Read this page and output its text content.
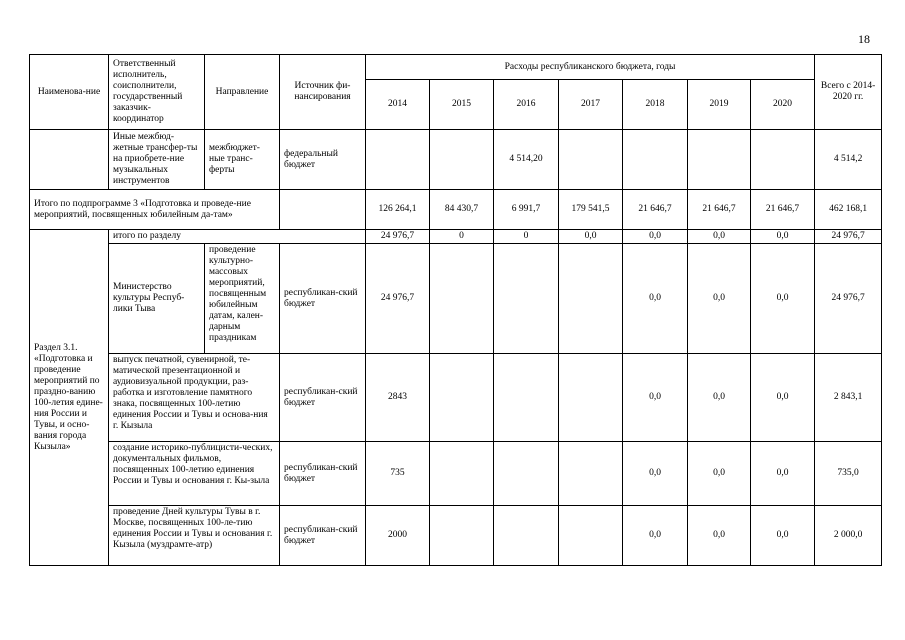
18
Наименова-ние	Ответственный исполнитель, соисполнители, государственный заказчик-координатор	Направление	Источник фи-нансирования	Расходы республиканского бюджета, годы							Всего с 2014-2020 гг.
				2014	2015	2016	2017	2018	2019	2020	
	Иные межбюд-жетные трансфер-ты на приобрете-ние музыкальных инструментов	межбюджет-ные транс-ферты	федеральный бюджет			4 514,20					4 514,2
Итого по подпрограмме 3 «Подготовка и проведе-ние мероприятий, посвященных юбилейным да-там»				126 264,1	84 430,7	6 991,7	179 541,5	21 646,7	21 646,7	21 646,7	462 168,1
Раздел 3.1. «Подготовка и проведение мероприятий по праздно-ванию 100-летия едине-ния России и Тувы, и осно-вания города Кызыла»	итого по разделу			24 976,7	0	0	0,0	0,0	0,0	0,0	24 976,7
	Министерство культуры Респуб-лики Тыва	проведение культурно-массовых мероприятий, посвященным юбилейным датам, кален-дарным праздникам	республикан-ский бюджет	24 976,7				0,0	0,0	0,0	24 976,7
	выпуск печатной, сувенирной, те-матической презентационной и аудиовизуальной продукции, раз-работка и изготовление памятного знака, посвященных 100-летию единения России и Тувы и основа-ния г. Кызыла		республикан-ский бюджет	2843				0,0	0,0	0,0	2 843,1
	создание историко-публицисти-ческих, документальных фильмов, посвященных 100-летию единения России и Тувы и основания г. Кы-зыла		республикан-ский бюджет	735				0,0	0,0	0,0	735,0
	проведение Дней культуры Тувы в г. Москве, посвященных 100-ле-тию единения России и Тувы и основания г. Кызыла (муздрамте-атр)		республикан-ский бюджет	2000				0,0	0,0	0,0	2 000,0
